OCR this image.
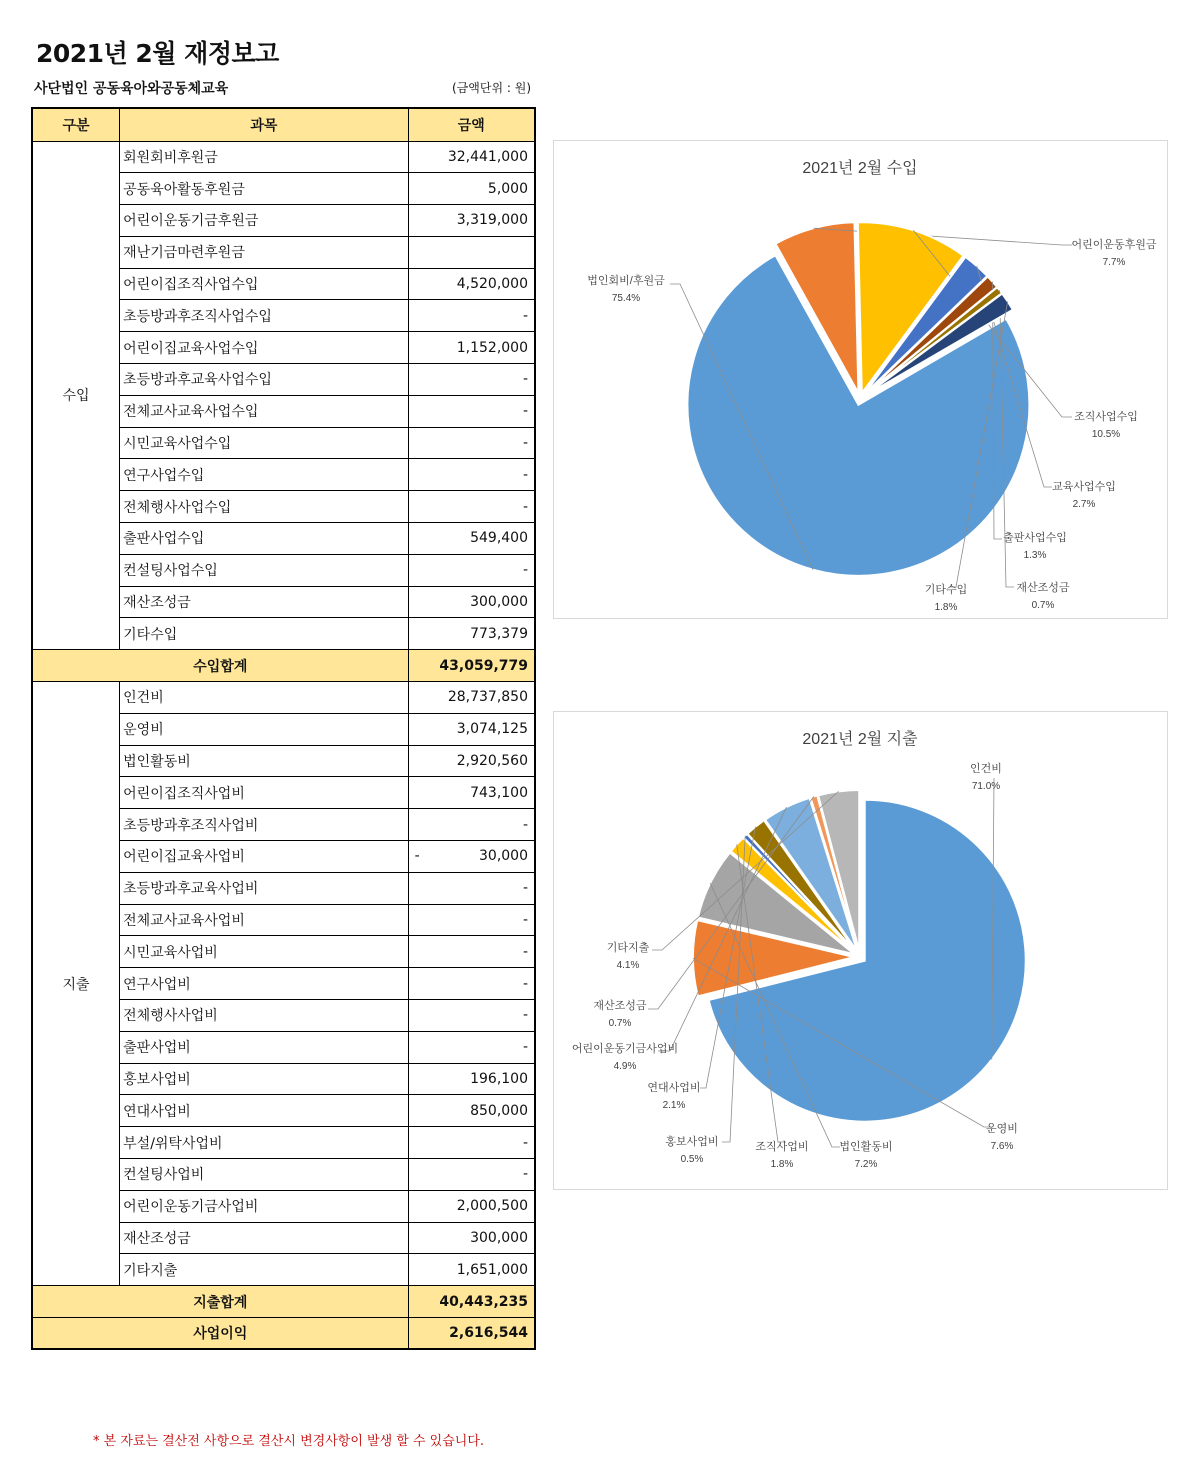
2021년 2월 재정보고
사단법인 공동육아와공동체교육	(금액단위 : 원)
구분	과목	금액
수입	회원회비후원금	32,441,000
	공동육아활동후원금	5,000
	어린이운동기금후원금	3,319,000
	재난기금마련후원금	
	어린이집조직사업수입	4,520,000
	초등방과후조직사업수입	-
	어린이집교육사업수입	1,152,000
	초등방과후교육사업수입	-
	전체교사교육사업수입	-
	시민교육사업수입	-
	연구사업수입	-
	전체행사사업수입	-
	출판사업수입	549,400
	컨설팅사업수입	-
	재산조성금	300,000
	기타수입	773,379
수입합계		43,059,779
지출	인건비	28,737,850
	운영비	3,074,125
	법인활동비	2,920,560
	어린이집조직사업비	743,100
	초등방과후조직사업비	-
	어린이집교육사업비	- 30,000
	초등방과후교육사업비	-
	전체교사교육사업비	-
	시민교육사업비	-
	연구사업비	-
	전체행사사업비	-
	출판사업비	-
	홍보사업비	196,100
	연대사업비	850,000
	부설/위탁사업비	-
	컨설팅사업비	-
	어린이운동기금사업비	2,000,500
	재산조성금	300,000
	기타지출	1,651,000
지출합계		40,443,235
사업이익		2,616,544
2021년 2월 수입
법인회비/후원금
75.4%
어린이운동후원금
7.7%
조직사업수입
10.5%
교육사업수입
2.7%
출판사업수입
1.3%
재산조성금
0.7%
기타수입
1.8%
2021년 2월 지출
인건비
71.0%
운영비
7.6%
법인활동비
7.2%
조직사업비
1.8%
홍보사업비
0.5%
연대사업비
2.1%
어린이운동기금사업비
4.9%
재산조성금
0.7%
기타지출
4.1%
* 본 자료는 결산전 사항으로 결산시 변경사항이 발생 할 수 있습니다.
